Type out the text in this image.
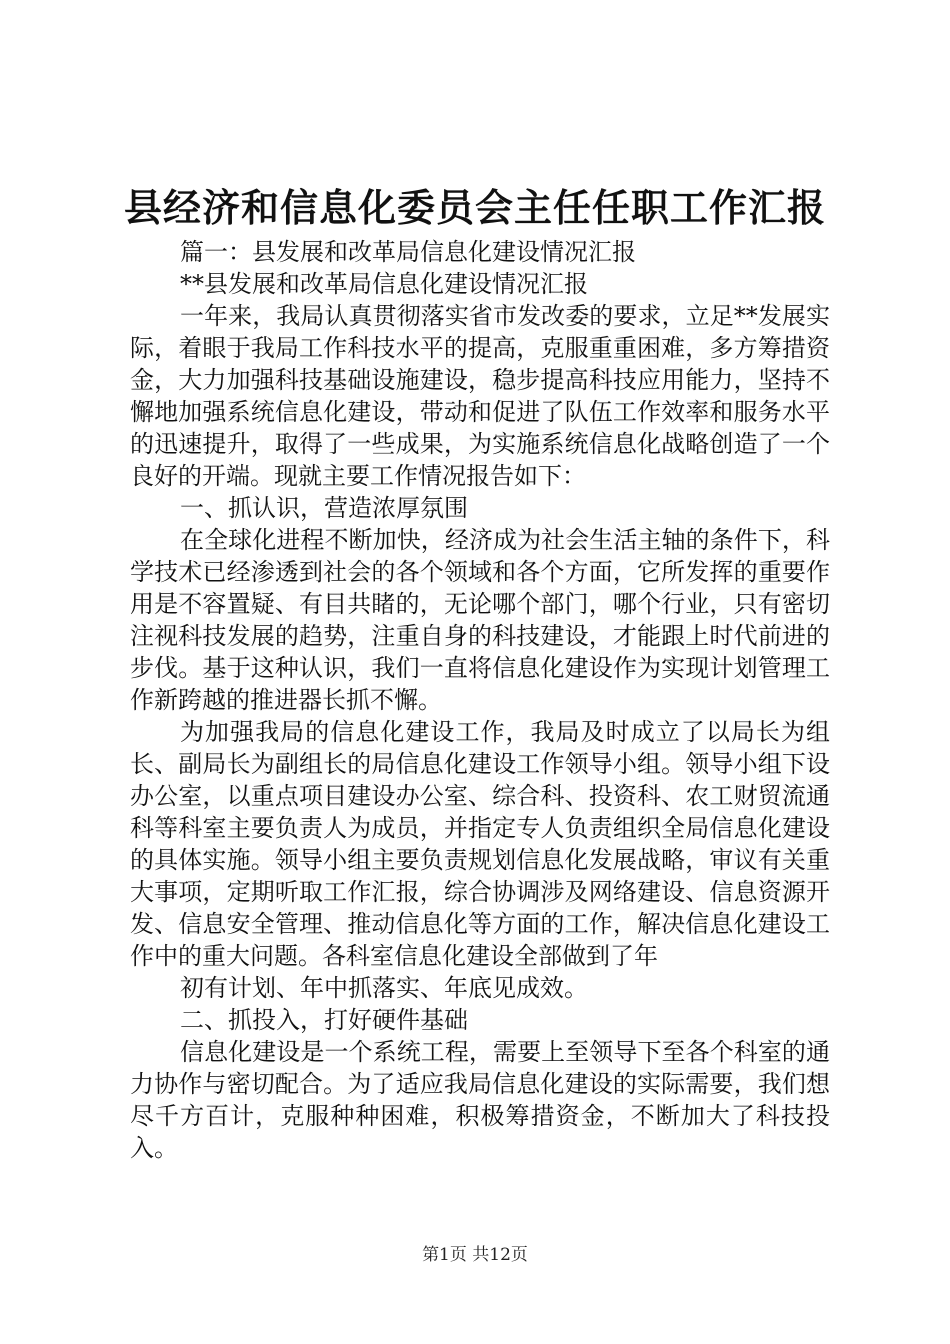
县经济和信息化委员会主任任职工作汇报

篇一：县发展和改革局信息化建设情况汇报

**县发展和改革局信息化建设情况汇报

一年来，我局认真贯彻落实省市发改委的要求，立足**发展实际，着眼于我局工作科技水平的提高，克服重重困难，多方筹措资金，大力加强科技基础设施建设，稳步提高科技应用能力，坚持不懈地加强系统信息化建设，带动和促进了队伍工作效率和服务水平的迅速提升，取得了一些成果，为实施系统信息化战略创造了一个良好的开端。现就主要工作情况报告如下：

一、抓认识，营造浓厚氛围

在全球化进程不断加快，经济成为社会生活主轴的条件下，科学技术已经渗透到社会的各个领域和各个方面，它所发挥的重要作用是不容置疑、有目共睹的，无论哪个部门，哪个行业，只有密切注视科技发展的趋势，注重自身的科技建设，才能跟上时代前进的步伐。基于这种认识，我们一直将信息化建设作为实现计划管理工作新跨越的推进器长抓不懈。

为加强我局的信息化建设工作，我局及时成立了以局长为组长、副局长为副组长的局信息化建设工作领导小组。领导小组下设办公室，以重点项目建设办公室、综合科、投资科、农工财贸流通科等科室主要负责人为成员，并指定专人负责组织全局信息化建设的具体实施。领导小组主要负责规划信息化发展战略，审议有关重大事项，定期听取工作汇报，综合协调涉及网络建设、信息资源开发、信息安全管理、推动信息化等方面的工作，解决信息化建设工作中的重大问题。各科室信息化建设全部做到了年

初有计划、年中抓落实、年底见成效。

二、抓投入，打好硬件基础

信息化建设是一个系统工程，需要上至领导下至各个科室的通力协作与密切配合。为了适应我局信息化建设的实际需要，我们想尽千方百计，克服种种困难，积极筹措资金，不断加大了科技投入。

第1页 共12页
